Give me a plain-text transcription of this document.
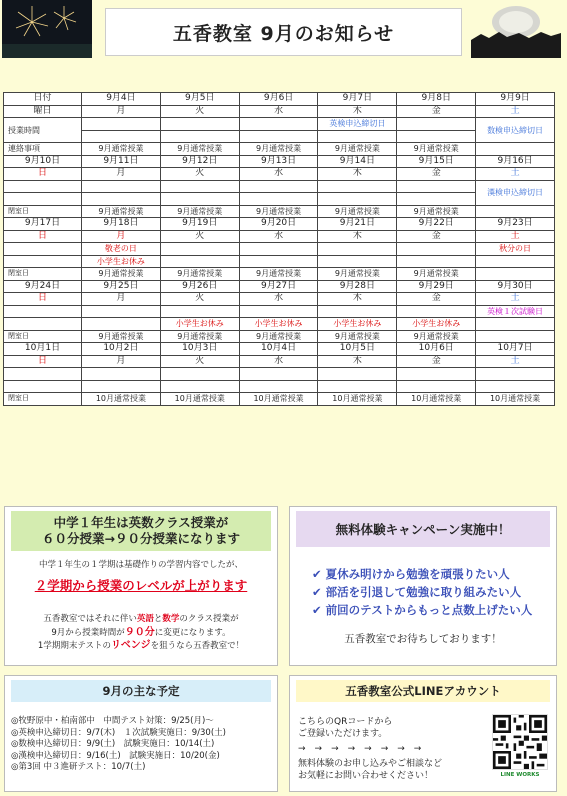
五香教室 9月のお知らせ
日付	9月4日	9月5日	9月6日	9月7日	9月8日	9月9日
曜日	月	火	水	木	金	土
授業時間				英検申込締切日		数検申込締切日

連絡事項	9月通常授業	9月通常授業	9月通常授業	9月通常授業	9月通常授業	
9月10日	9月11日	9月12日	9月13日	9月14日	9月15日	9月16日
日	月	火	水	木	金	土
						漢検申込締切日

閉室日	9月通常授業	9月通常授業	9月通常授業	9月通常授業	9月通常授業	
9月17日	9月18日	9月19日	9月20日	9月21日	9月22日	9月23日
日	月	火	水	木	金	土
	敬老の日					秋分の日
	小学生お休み					
閉室日	9月通常授業	9月通常授業	9月通常授業	9月通常授業	9月通常授業	
9月24日	9月25日	9月26日	9月27日	9月28日	9月29日	9月30日
日	月	火	水	木	金	土
						英検１次試験日
		小学生お休み	小学生お休み	小学生お休み	小学生お休み	
閉室日	9月通常授業	9月通常授業	9月通常授業	9月通常授業	9月通常授業	
10月1日	10月2日	10月3日	10月4日	10月5日	10月6日	10月7日
日	月	火	水	木	金	土

閉室日	10月通常授業	10月通常授業	10月通常授業	10月通常授業	10月通常授業	10月通常授業
中学１年生は英数クラス授業が
６０分授業→９０分授業になります
中学１年生の１学期は基礎作りの学習内容でしたが、
２学期から授業のレベルが上がります
五香教室ではそれに伴い英語と数学のクラス授業が
9月から授業時間が９０分に変更になります。
1学期期末テストのリベンジを狙うなら五香教室で！
無料体験キャンペーン実施中！
✔ 夏休み明けから勉強を頑張りたい人
✔ 部活を引退して勉強に取り組みたい人
✔ 前回のテストからもっと点数上げたい人
五香教室でお待ちしております！
9月の主な予定
◎牧野原中・柏南部中　中間テスト対策：9/25(月)～
◎英検申込締切日：9/7(木)　１次試験実施日：9/30(土)
◎数検申込締切日：9/9(土)　試験実施日：10/14(土)
◎漢検申込締切日：9/16(土)　試験実施日：10/20(金)
◎第3回 中３進研テスト：10/7(土)
五香教室公式LINEアカウント
こちらのQRコードから
ご登録いただけます。
→　→　→　→　→　→　→　→
無料体験のお申し込みやご相談など
お気軽にお問い合わせください！	LINE WORKS
